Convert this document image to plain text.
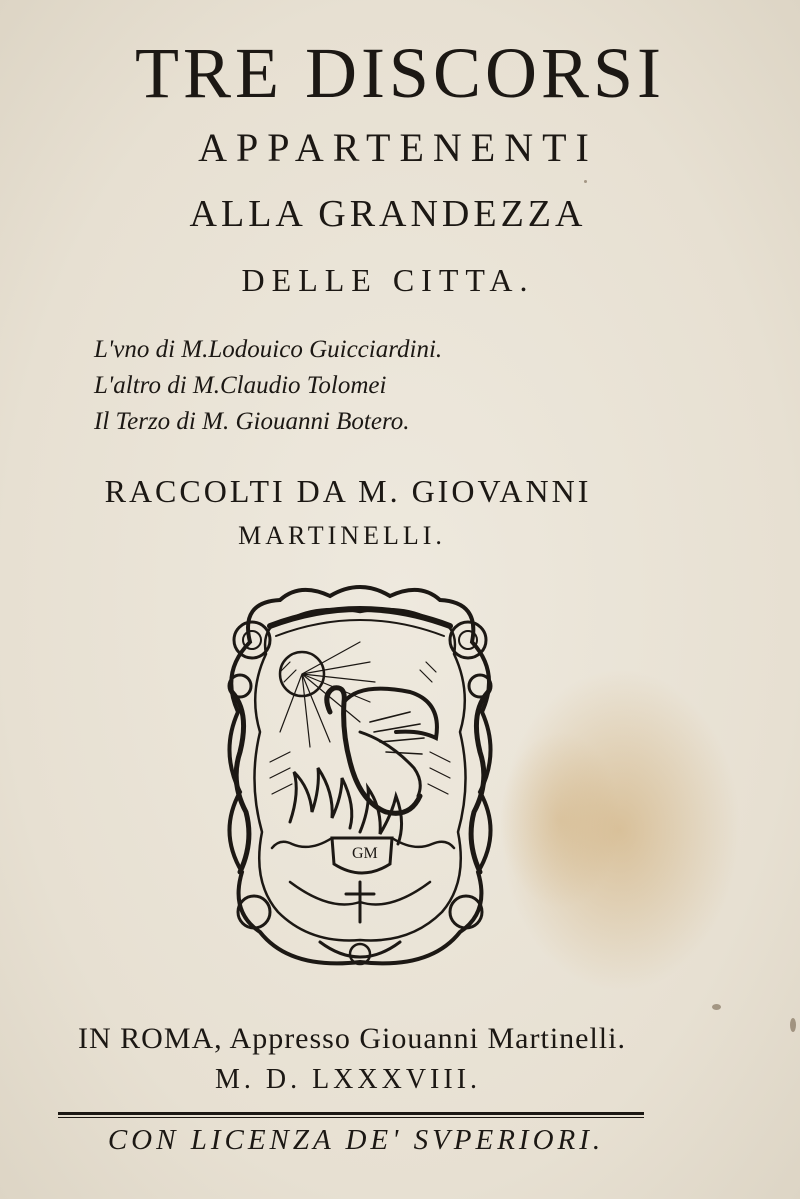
TRE DISCORSI
APPARTENENTI
ALLA GRANDEZZA
DELLE CITTA.
L'vno di M.Lodouico Guicciardini.
L'altro di M.Claudio Tolomei
Il Terzo di M. Giouanni Botero.
RACCOLTI DA M. GIOVANNI
MARTINELLI.
GM
IN ROMA, Appresso Giouanni Martinelli.
M. D. LXXXVIII.
CON LICENZA DE' SVPERIORI.
